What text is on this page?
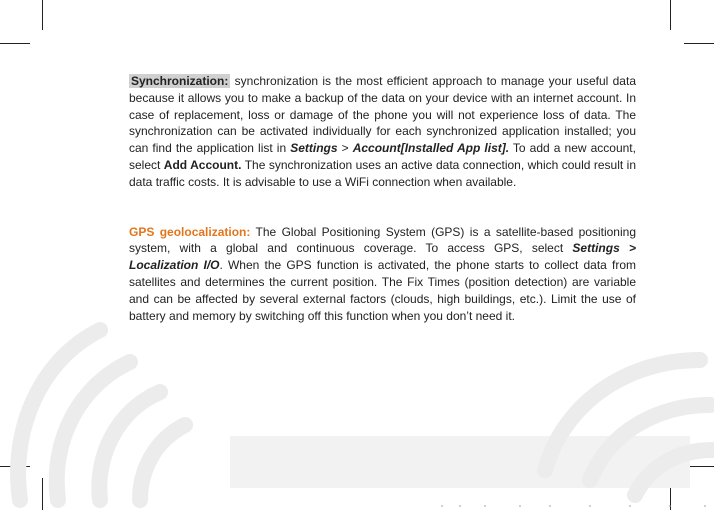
Synchronization: synchronization is the most efficient approach to manage your useful data because it allows you to make a backup of the data on your device with an internet account. In case of replacement, loss or damage of the phone you will not experience loss of data. The synchronization can be activated individually for each synchronized application installed; you can find the application list in Settings > Account[Installed App list]. To add a new account, select Add Account. The synchronization uses an active data connection, which could result in data traffic costs. It is advisable to use a WiFi connection when available.

GPS geolocalization: The Global Positioning System (GPS) is a satellite-based positioning system, with a global and continuous coverage. To access GPS, select Settings > Localization I/O. When the GPS function is activated, the phone starts to collect data from satellites and determines the current position. The Fix Times (position detection) are variable and can be affected by several external factors (clouds, high buildings, etc.). Limit the use of battery and memory by switching off this function when you don’t need it.
